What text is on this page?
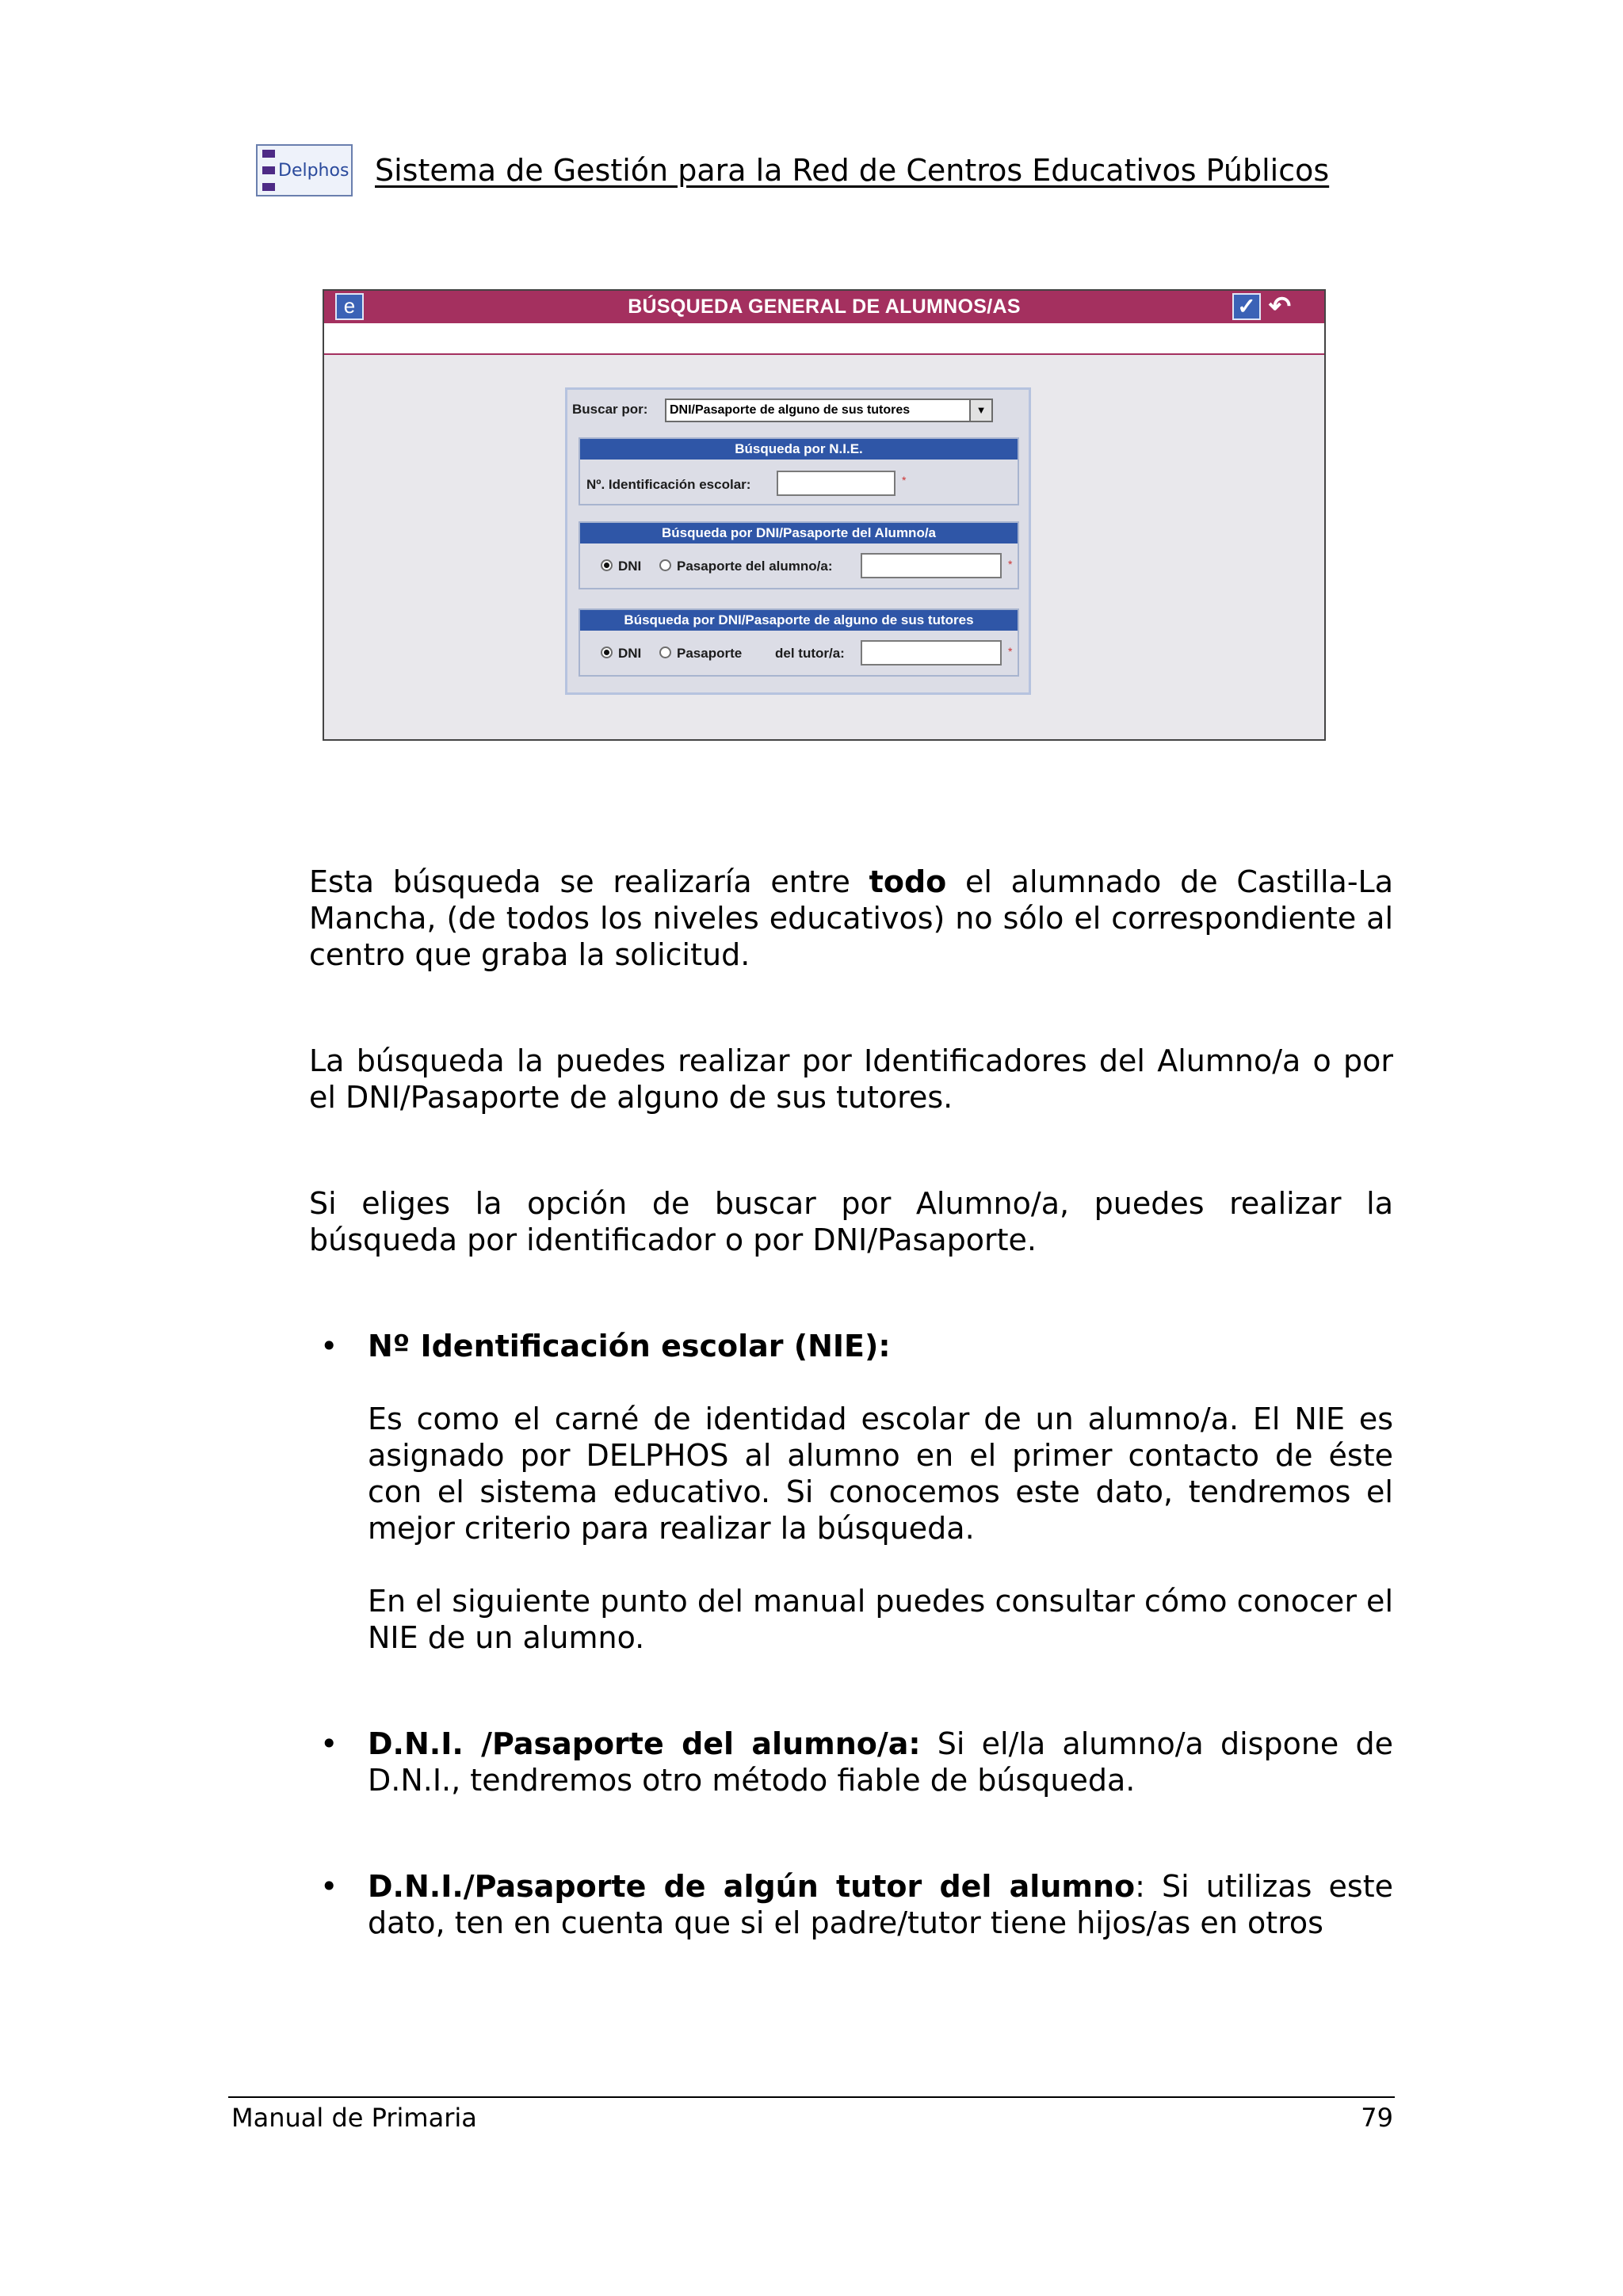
Delphos Sistema de Gestión para la Red de Centros Educativos Públicos
e	BÚSQUEDA GENERAL DE ALUMNOS/AS	✓ ↶
Buscar por:	DNI/Pasaporte de alguno de sus tutores	▼
Búsqueda por N.I.E.
Nº. Identificación escolar:	*
Búsqueda por DNI/Pasaporte del Alumno/a
DNI	Pasaporte del alumno/a:	*
Búsqueda por DNI/Pasaporte de alguno de sus tutores
DNI	Pasaporte del tutor/a:	*
Esta búsqueda se realizaría entre todo el alumnado de Castilla-La Mancha, (de todos los niveles educativos) no sólo el correspondiente al centro que graba la solicitud.
La búsqueda la puedes realizar por Identificadores del Alumno/a o por el DNI/Pasaporte de alguno de sus tutores.
Si eliges la opción de buscar por Alumno/a, puedes realizar la búsqueda por identificador o por DNI/Pasaporte.
• Nº Identificación escolar (NIE):
Es como el carné de identidad escolar de un alumno/a. El NIE es asignado por DELPHOS al alumno en el primer contacto de éste con el sistema educativo. Si conocemos este dato, tendremos el mejor criterio para realizar la búsqueda.
En el siguiente punto del manual puedes consultar cómo conocer el NIE de un alumno.
• D.N.I. /Pasaporte del alumno/a: Si el/la alumno/a dispone de D.N.I., tendremos otro método fiable de búsqueda.
• D.N.I./Pasaporte de algún tutor del alumno: Si utilizas este dato, ten en cuenta que si el padre/tutor tiene hijos/as en otros
Manual de Primaria	79
